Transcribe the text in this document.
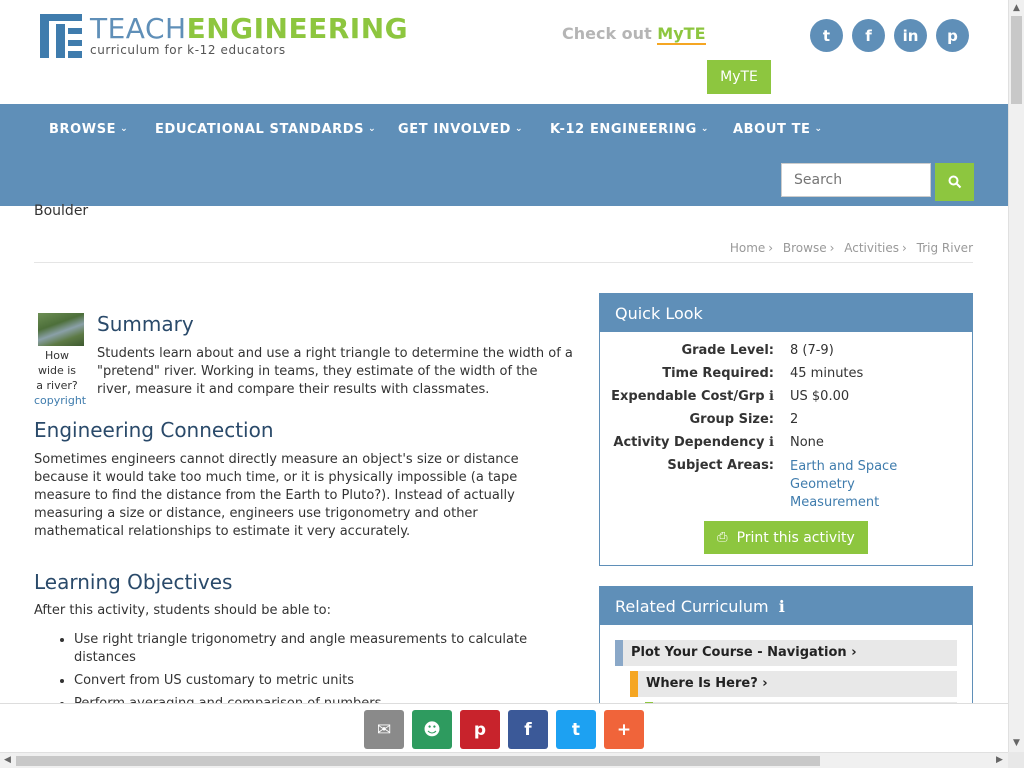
TEACHENGINEERING
curriculum for k-12 educators
Check out MyTE	t	f	in	p
MyTE
BROWSE ⌄ EDUCATIONAL STANDARDS ⌄ GET INVOLVED ⌄ K-12 ENGINEERING ⌄ ABOUT TE ⌄
Search
Boulder
Home › Browse › Activities › Trig River
How wide is a river?
copyright
Summary

Students learn about and use a right triangle to determine the width of a "pretend" river. Working in teams, they estimate of the width of the river, measure it and compare their results with classmates.

Engineering Connection

Sometimes engineers cannot directly measure an object's size or distance because it would take too much time, or it is physically impossible (a tape measure to find the distance from the Earth to Pluto?). Instead of actually measuring a size or distance, engineers use trigonometry and other mathematical relationships to estimate it very accurately.

Learning Objectives

After this activity, students should be able to:

• Use right triangle trigonometry and angle measurements to calculate distances
• Convert from US customary to metric units
•
Quick Look
Grade Level: 8 (7-9)
Time Required: 45 minutes
Expendable Cost/Grp ℹ US $0.00
Group Size: 2
Activity Dependency ℹ None
Subject Areas: Earth and Space
Geometry
Measurement
⎙ Print this activity
Related Curriculum ℹ
Plot Your Course - Navigation ›
Where Is Here? ›
✉ ☻ p f t +
▲
▼
◀	▶
